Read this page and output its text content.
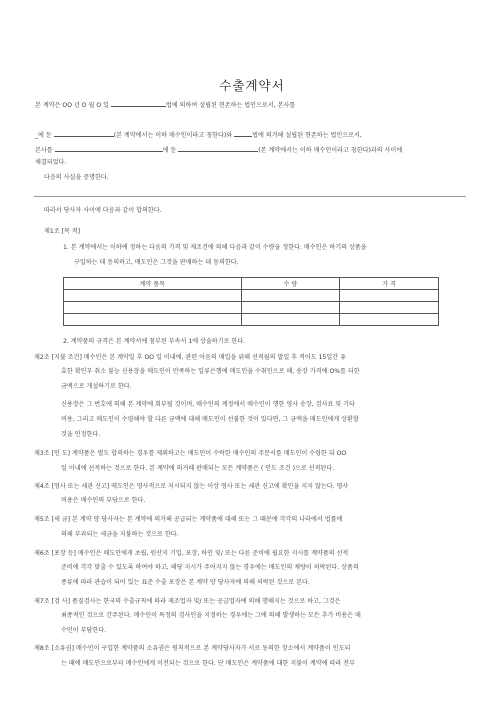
수출계약서
본 계약은 OO 년 O 월 O 일	법에 의하여 설립된 현존하는 법인으로서, 본사를
_에 둔	(본 계약에서는 이하 매수인이라고 칭한다)와	법에 의거해 설립된 현존하는 법인으로서,
본사를	에 둔	(본 계약에서는 이하 매수인이라고 칭한다)과의 사이에
체결되었다.
다음의 사실을 증명한다.
따라서 당사자 사이에 다음과 같이 합의한다.
제1조 [목 적]
1. 본 계약에서는 이하에 정하는 다음의 가격 및 제조건에 의해 다음과 같이 수량을 정한다. 매수인은 하기의 상품을
구입하는 데 동의하고, 매도인은 그것을 판매하는 데 동의한다.
계약 품목	수 량	가 격

2. 계약품의 규격은 본 계약서에 첨부된 부속서 1에 상술하기로 한다.
제2조 [지불 조건] 매수인은 본 계약일 후 OO 일 이내에, 관련 어음의 매입을 위해 선적월의 말일 후 적어도 15일간 유
효한 확인부 취소 불능 신용장을 매도인이 만족하는 일류은행에 매도인을 수취인으로 해, 송장 가격에 O%를 더한
금액으로 개설하기로 한다.
신용장은 그 번호에 의해 본 계약에 회부될 것이며, 매수인의 계정에서 매수인이 행한 영사 송장, 검사료 및 기타
비용, 그리고 매도인이 수령해야 할 다른 금액에 대해 매도인이 선불한 것이 있다면, 그 금액을 매도인에게 상환할
것을 인정한다.
제3조 [인 도] 계약품은 별도 합의하는 경우를 제외하고는 매도인이 수락한 매수인의 주문서를 매도인이 수령한 뒤 OO
일 이내에 선적하는 것으로 한다. 본 계약에 의거해 판매되는 모든 계약품은 ( 인도 조건 )으로 선적된다.
제4조 [영사 또는 세관 신고] 매도인은 영사적으로 지시되지 않는 이상 영사 또는 세관 신고에 확인을 지지 않는다. 영사
비용은 매수인의 부담으로 한다.
제5조 [세 금] 본 계약 양 당사자는 본 계약에 의거해 공급되는 계약품에 대해 또는 그 때문에 각각의 나라에서 법률에
의해 부과되는 세금을 지불하는 것으로 한다.
제6조 [포장 등] 매수인은 매도인에게 초립, 원산지 기입, 포장, 하인 및/ 또는 다른 준비에 필요한 지시를 계약품의 선적
준비에 각각 맞출 수 있도록 하여야 하고, 해당 지시가 주어지지 않는 경우에는 매도인의 재량이 허락된다. 상품의
종류에 따라 관습이 되어 있는 표준 수출 포장은 본 계약 양 당사자에 의해 허락된 것으로 본다.
제7조 [검 사] 품질검사는 한국의 수출규칙에 따라 제조업자 및/ 또는 공급업자에 의해 행해지는 것으로 하고, 그것은
최종적인 것으로 간주된다. 매수인이 특정의 검사인을 지정하는 경우에는 그에 의해 발생하는 모든 추가 비용은 매
수인이 부담한다.
제8조 [소유권] 매수인이 구입한 계약품의 소유권은 원칙적으로 본 계약당사자가 서로 동의한 장소에서 계약품이 인도되
는 때에 매도인으로부터 매수인에게 이전되는 것으로 한다. 단 매도인은 계약품에 대한 지불이 계약에 따라 전부
